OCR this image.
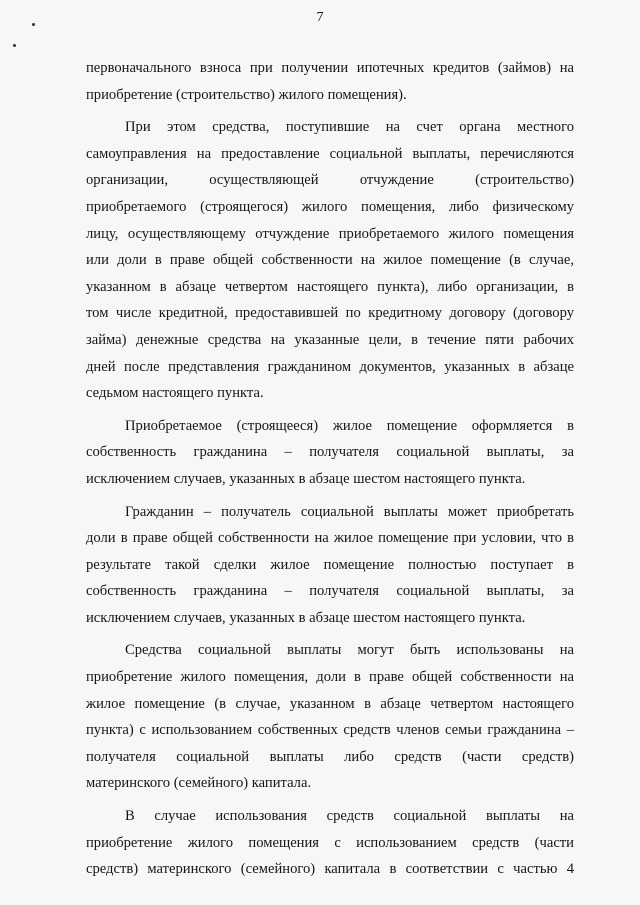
7

первоначального взноса при получении ипотечных кредитов (займов) на
приобретение (строительство) жилого помещения).

При этом средства, поступившие на счет органа местного
самоуправления на предоставление социальной выплаты, перечисляются
организации, осуществляющей отчуждение (строительство)
приобретаемого (строящегося) жилого помещения, либо физическому
лицу, осуществляющему отчуждение приобретаемого жилого помещения
или доли в праве общей собственности на жилое помещение (в случае,
указанном в абзаце четвертом настоящего пункта), либо организации, в
том числе кредитной, предоставившей по кредитному договору (договору
займа) денежные средства на указанные цели, в течение пяти рабочих
дней после представления гражданином документов, указанных в абзаце
седьмом настоящего пункта.

Приобретаемое (строящееся) жилое помещение оформляется в
собственность гражданина – получателя социальной выплаты, за
исключением случаев, указанных в абзаце шестом настоящего пункта.

Гражданин – получатель социальной выплаты может приобретать
доли в праве общей собственности на жилое помещение при условии, что в
результате такой сделки жилое помещение полностью поступает в
собственность гражданина – получателя социальной выплаты, за
исключением случаев, указанных в абзаце шестом настоящего пункта.

Средства социальной выплаты могут быть использованы на
приобретение жилого помещения, доли в праве общей собственности на
жилое помещение (в случае, указанном в абзаце четвертом настоящего
пункта) с использованием собственных средств членов семьи гражданина –
получателя социальной выплаты либо средств (части средств)
материнского (семейного) капитала.

В случае использования средств социальной выплаты на
приобретение жилого помещения с использованием средств (части
средств) материнского (семейного) капитала в соответствии с частью 4
